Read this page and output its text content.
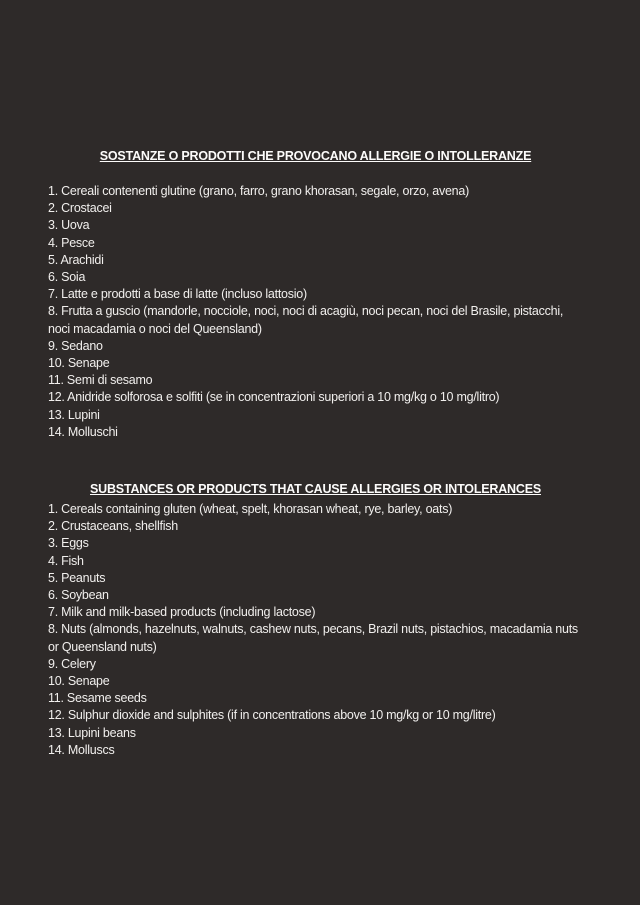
SOSTANZE O PRODOTTI CHE PROVOCANO ALLERGIE O INTOLLERANZE

1. Cereali contenenti glutine (grano, farro, grano khorasan, segale, orzo, avena)

2. Crostacei

3. Uova

4. Pesce

5. Arachidi

6. Soia

7. Latte e prodotti a base di latte (incluso lattosio)

8. Frutta a guscio (mandorle, nocciole, noci, noci di acagiù, noci pecan, noci del Brasile, pistacchi, noci macadamia o noci del Queensland)

9. Sedano

10. Senape

11. Semi di sesamo

12. Anidride solforosa e solfiti (se in concentrazioni superiori a 10 mg/kg o 10 mg/litro)

13. Lupini

14. Molluschi

SUBSTANCES OR PRODUCTS THAT CAUSE ALLERGIES OR INTOLERANCES

1. Cereals containing gluten (wheat, spelt, khorasan wheat, rye, barley, oats)

2. Crustaceans, shellfish

3. Eggs

4. Fish

5. Peanuts

6. Soybean

7. Milk and milk-based products (including lactose)

8. Nuts (almonds, hazelnuts, walnuts, cashew nuts, pecans, Brazil nuts, pistachios, macadamia nuts or Queensland nuts)

9. Celery

10. Senape

11. Sesame seeds

12. Sulphur dioxide and sulphites (if in concentrations above 10 mg/kg or 10 mg/litre)

13. Lupini beans

14. Molluscs
